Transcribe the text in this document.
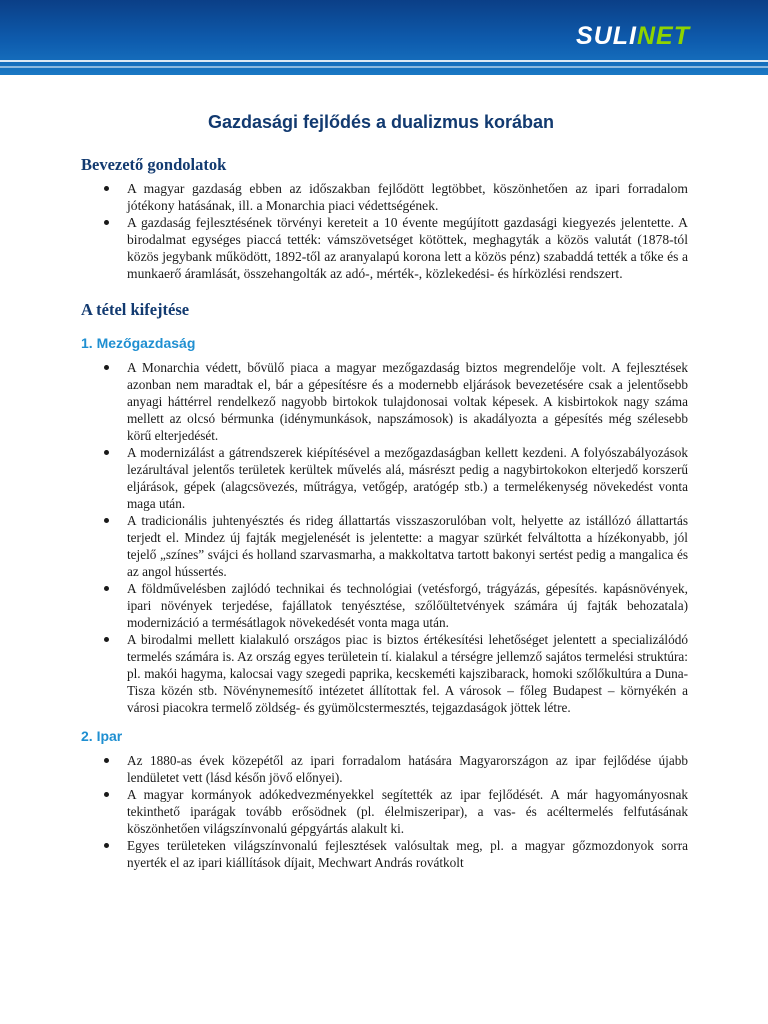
SULINET
Gazdasági fejlődés a dualizmus korában
Bevezető gondolatok
A magyar gazdaság ebben az időszakban fejlődött legtöbbet, köszönhetően az ipari forradalom jótékony hatásának, ill. a Monarchia piaci védettségének.
A gazdaság fejlesztésének törvényi kereteit a 10 évente megújított gazdasági kiegyezés jelentette. A birodalmat egységes piaccá tették: vámszövetséget kötöttek, meghagyták a közös valutát (1878-tól közös jegybank működött, 1892-től az aranyalapú korona lett a közös pénz) szabaddá tették a tőke és a munkaerő áramlását, összehangolták az adó-, mérték-, közlekedési- és hírközlési rendszert.
A tétel kifejtése
1. Mezőgazdaság
A Monarchia védett, bővülő piaca a magyar mezőgazdaság biztos megrendelője volt. A fejlesztések azonban nem maradtak el, bár a gépesítésre és a modernebb eljárások bevezetésére csak a jelentősebb anyagi háttérrel rendelkező nagyobb birtokok tulajdonosai voltak képesek. A kisbirtokok nagy száma mellett az olcsó bérmunka (idénymunkások, napszámosok) is akadályozta a gépesítés még szélesebb körű elterjedését.
A modernizálást a gátrendszerek kiépítésével a mezőgazdaságban kellett kezdeni. A folyószabályozások lezárultával jelentős területek kerültek művelés alá, másrészt pedig a nagybirtokokon elterjedő korszerű eljárások, gépek (alagcsövezés, műtrágya, vetőgép, aratógép stb.) a termelékenység növekedést vonta maga után.
A tradicionális juhtenyésztés és rideg állattartás visszaszorulóban volt, helyette az istállózó állattartás terjedt el. Mindez új fajták megjelenését is jelentette: a magyar szürkét felváltotta a hízékonyabb, jól tejelő „színes” svájci és holland szarvasmarha, a makkoltatva tartott bakonyi sertést pedig a mangalica és az angol hússertés.
A földművelésben zajlódó technikai és technológiai (vetésforgó, trágyázás, gépesítés. kapásnövények, ipari növények terjedése, fajállatok tenyésztése, szőlőültetvények számára új fajták behozatala) modernizáció a termésátlagok növekedését vonta maga után.
A birodalmi mellett kialakuló országos piac is biztos értékesítési lehetőséget jelentett a specializálódó termelés számára is. Az ország egyes területein tí. kialakul a térségre jellemző sajátos termelési struktúra: pl. makói hagyma, kalocsai vagy szegedi paprika, kecskeméti kajszibarack, homoki szőlőkultúra a Duna-Tisza közén stb. Növénynemesítő intézetet állítottak fel. A városok – főleg Budapest – környékén a városi piacokra termelő zöldség- és gyümölcstermesztés, tejgazdaságok jöttek létre.
2. Ipar
Az 1880-as évek közepétől az ipari forradalom hatására Magyarországon az ipar fejlődése újabb lendületet vett (lásd későn jövő előnyei).
A magyar kormányok adókedvezményekkel segítették az ipar fejlődését. A már hagyományosnak tekinthető iparágak tovább erősödnek (pl. élelmiszeripar), a vas- és acéltermelés felfutásának köszönhetően világszínvonalú gépgyártás alakult ki.
Egyes területeken világszínvonalú fejlesztések valósultak meg, pl. a magyar gőzmozdonyok sorra nyerték el az ipari kiállítások díjait, Mechwart András rovátkolt
